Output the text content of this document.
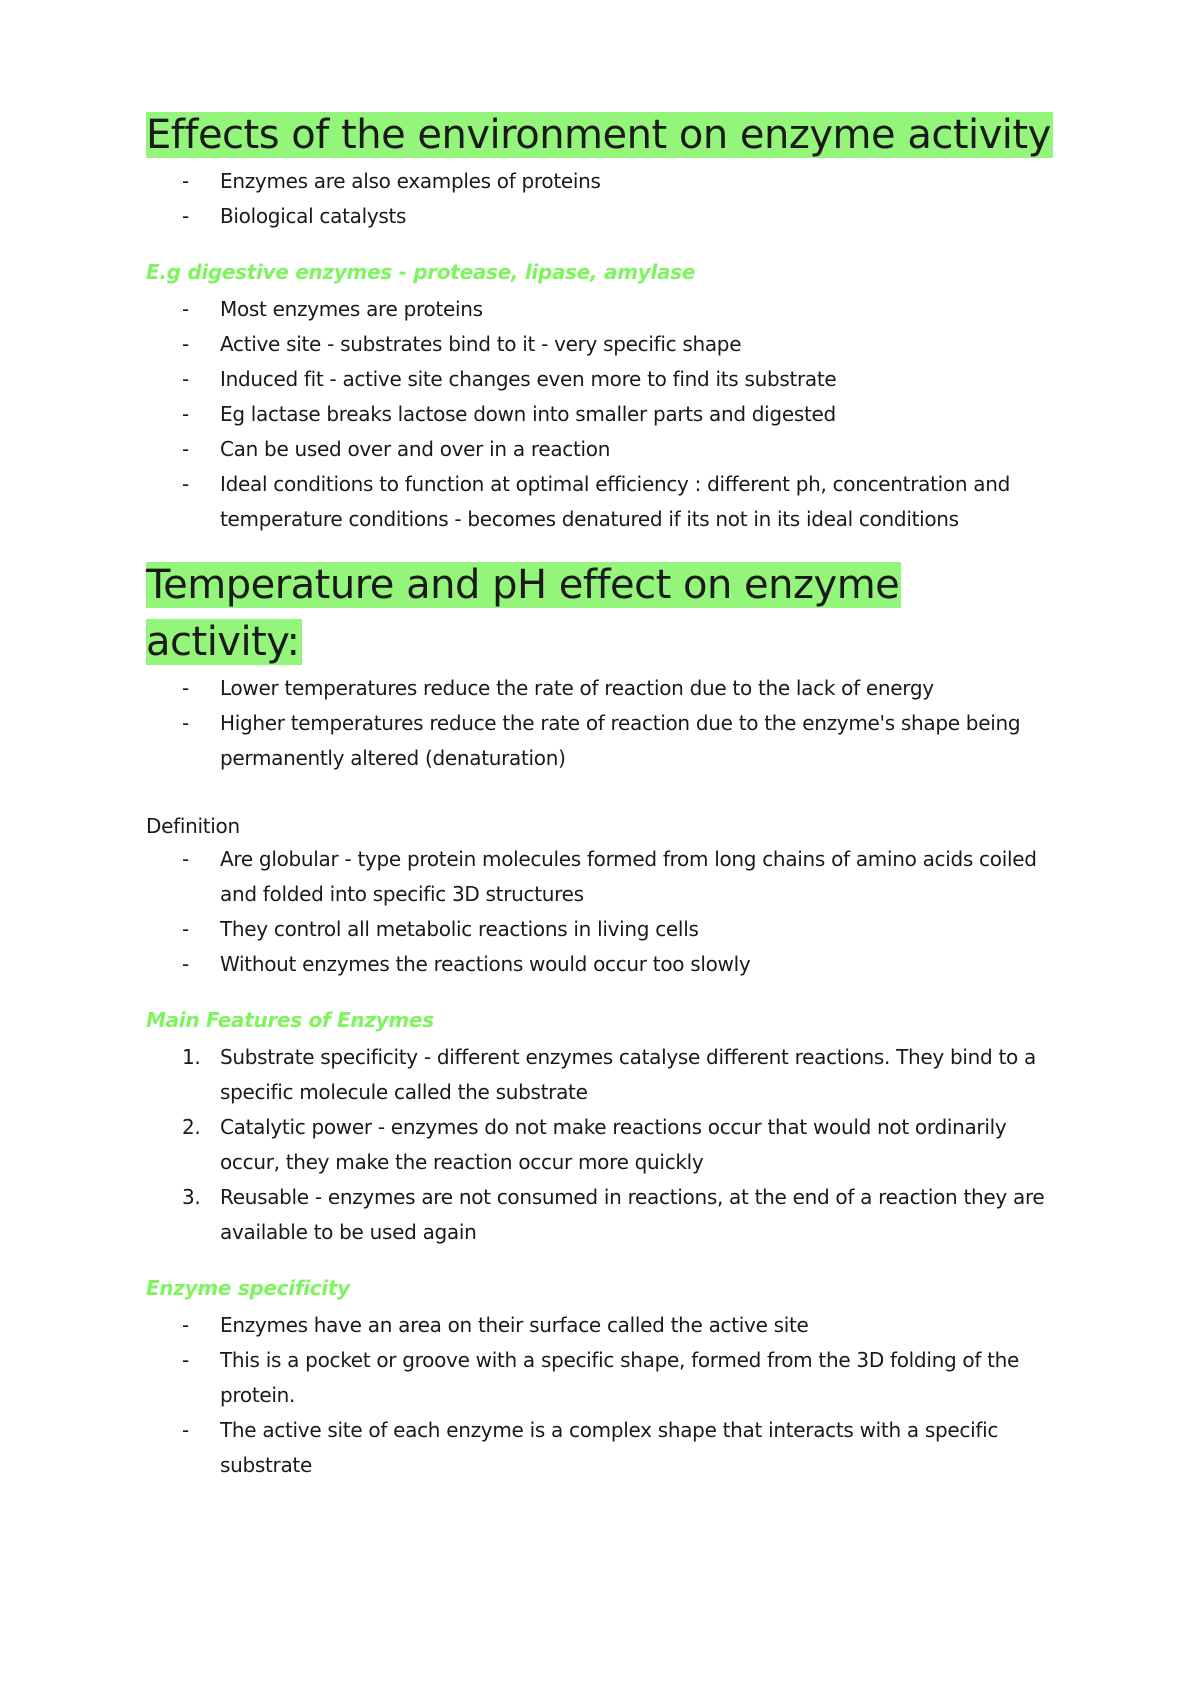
Effects of the environment on enzyme activity
- Enzymes are also examples of proteins
- Biological catalysts

E.g digestive enzymes - protease, lipase, amylase

- Most enzymes are proteins
- Active site - substrates bind to it - very specific shape
- Induced fit - active site changes even more to find its substrate
- Eg lactase breaks lactose down into smaller parts and digested
- Can be used over and over in a reaction
- Ideal conditions to function at optimal efficiency : different ph, concentration and temperature conditions - becomes denatured if its not in its ideal conditions
Temperature and pH effect on enzyme activity:
- Lower temperatures reduce the rate of reaction due to the lack of energy
- Higher temperatures reduce the rate of reaction due to the enzyme's shape being permanently altered (denaturation)

Definition

- Are globular - type protein molecules formed from long chains of amino acids coiled and folded into specific 3D structures
- They control all metabolic reactions in living cells
- Without enzymes the reactions would occur too slowly

Main Features of Enzymes

1. Substrate specificity - different enzymes catalyse different reactions. They bind to a specific molecule called the substrate
2. Catalytic power - enzymes do not make reactions occur that would not ordinarily occur, they make the reaction occur more quickly
3. Reusable - enzymes are not consumed in reactions, at the end of a reaction they are available to be used again

Enzyme specificity

- Enzymes have an area on their surface called the active site
- This is a pocket or groove with a specific shape, formed from the 3D folding of the protein.
- The active site of each enzyme is a complex shape that interacts with a specific substrate
